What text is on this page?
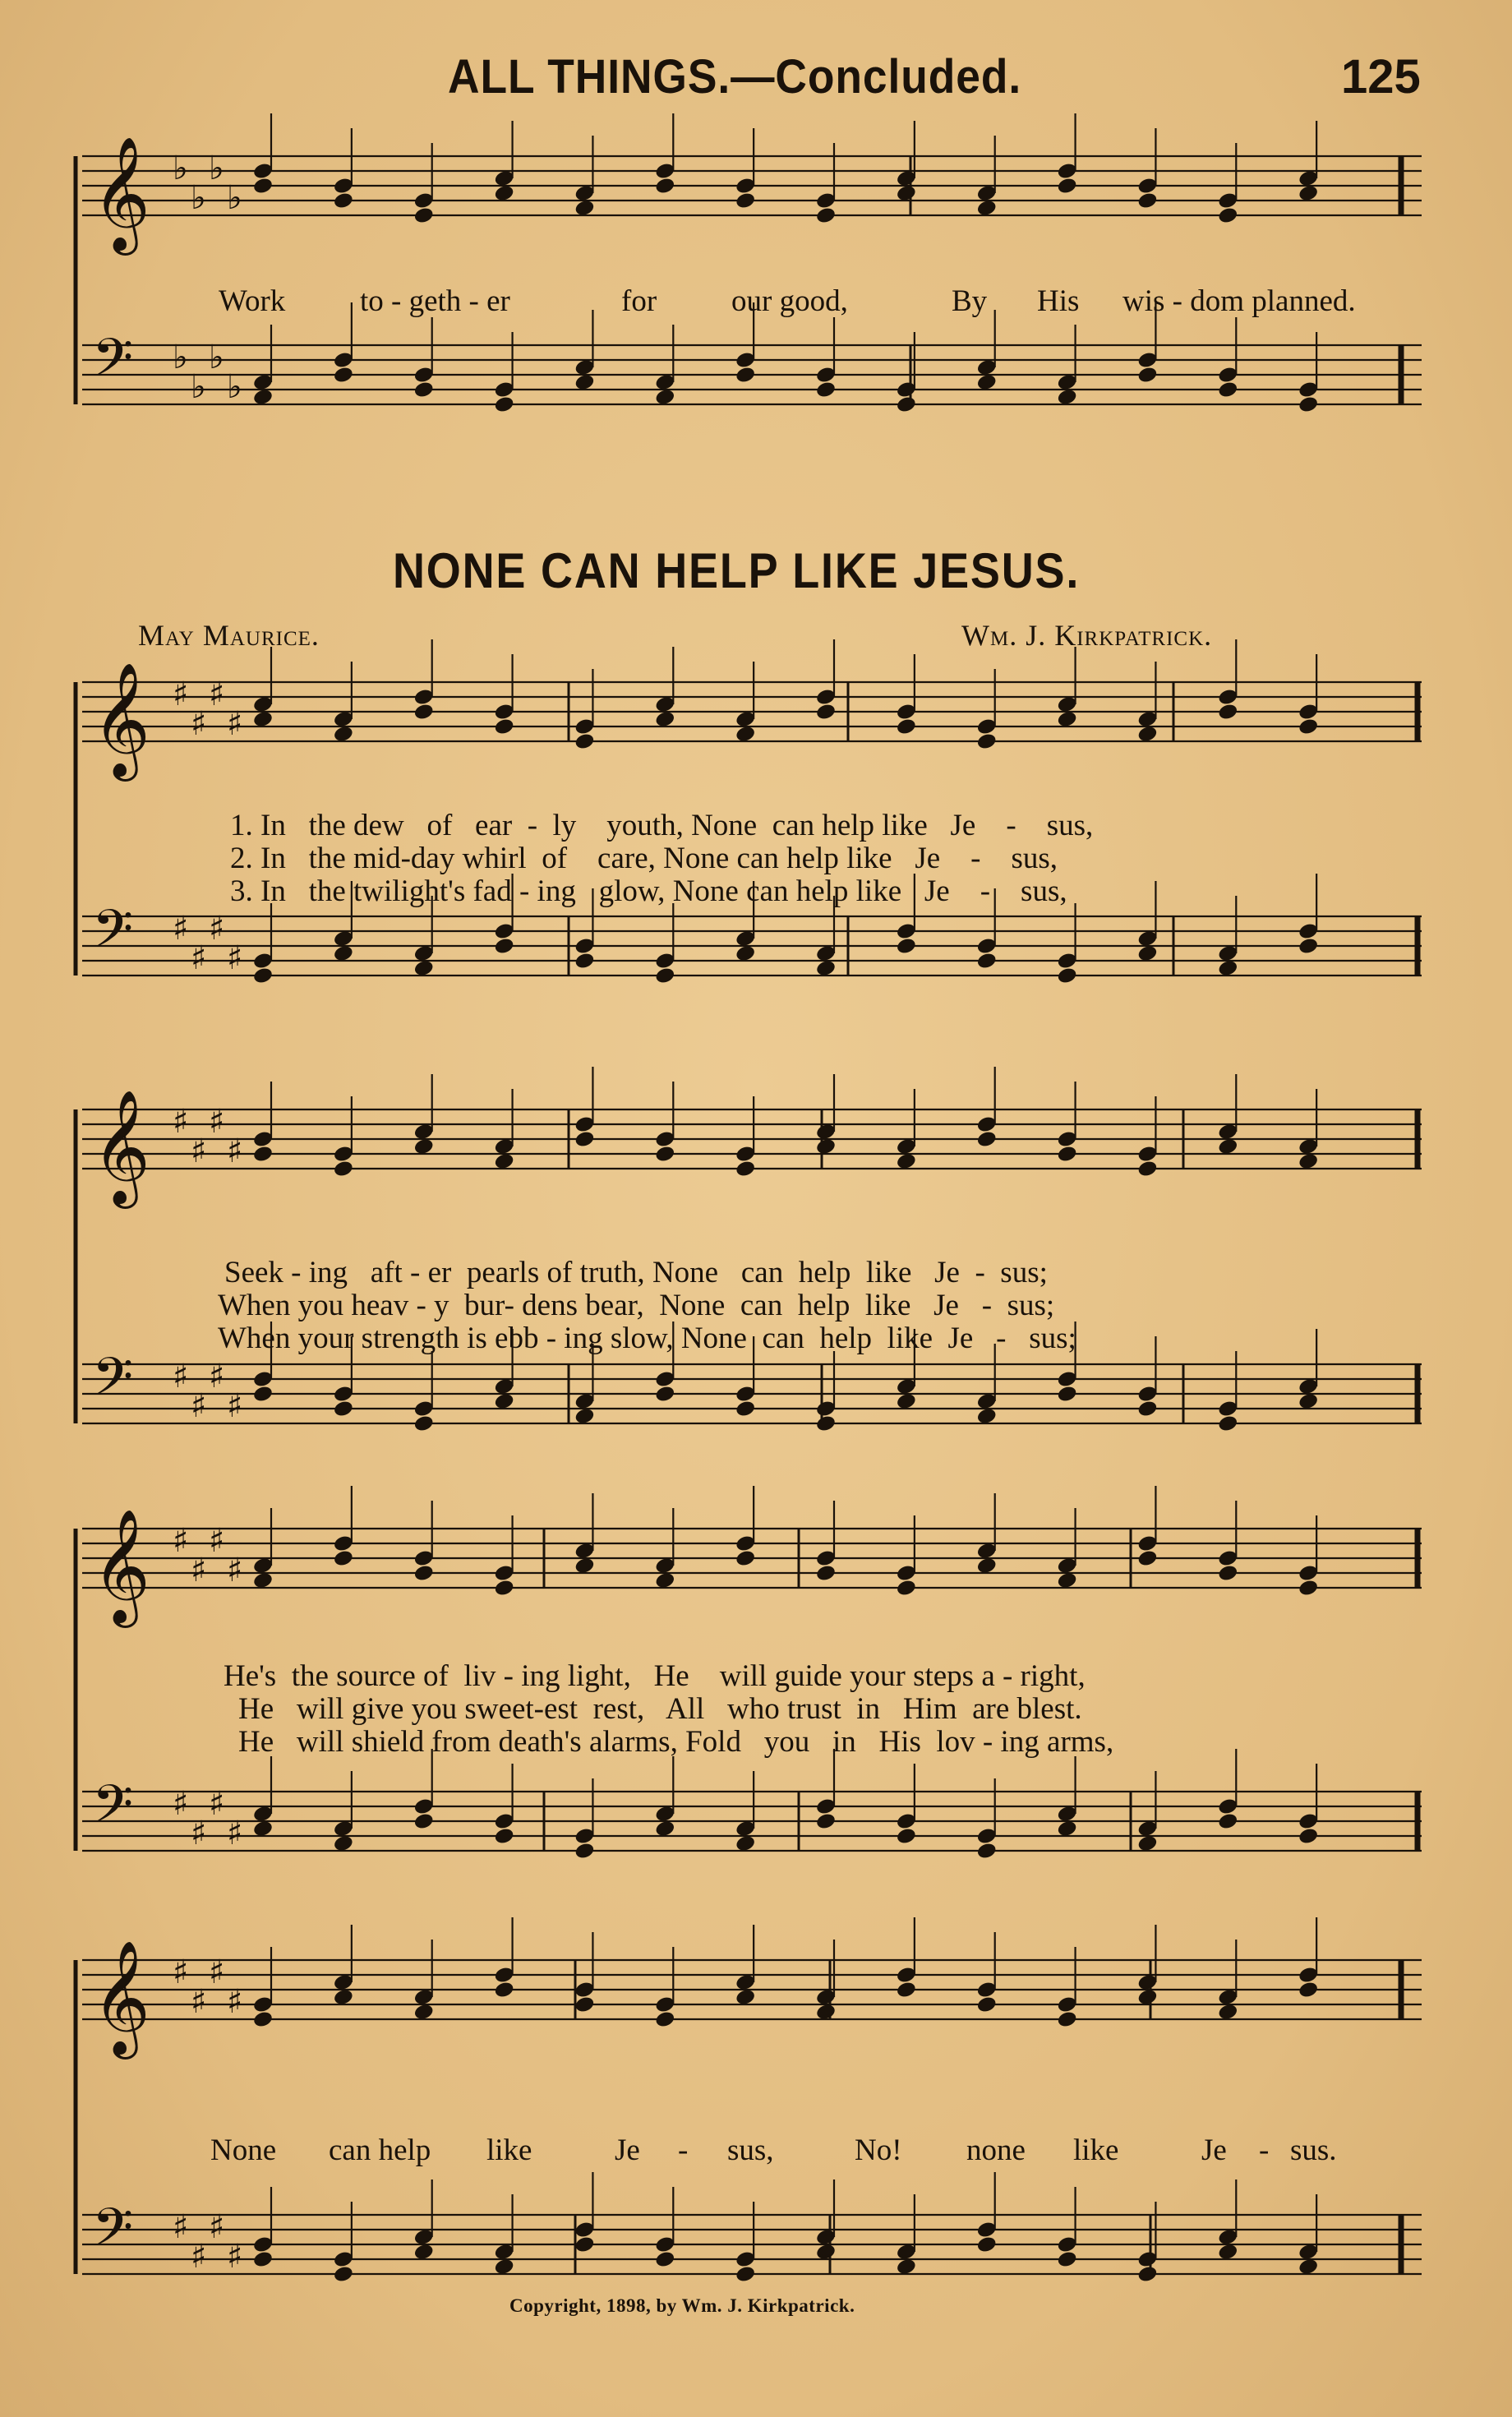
ALL THINGS.—Concluded.	125
𝄞 ♭
♭
♭
♭
𝄢 ♭
♭
♭
♭
𝄞 ♯
♯
♯
♯
𝄢 ♯
♯
♯
♯
𝄞 ♯
♯
♯
♯
𝄢 ♯
♯
♯
♯
𝄞 ♯
♯
♯
♯
𝄢 ♯
♯
♯
♯
𝄞 ♯
♯
♯
♯
𝄢 ♯
♯
♯
♯
Work to - geth - er	for our good,	By His wis - dom planned.
NONE CAN HELP LIKE JESUS.
May Maurice.	Wm. J. Kirkpatrick.
1. In the dew of ear - ly youth, None can help like Je - sus,
2. In the mid-day whirl of care, None can help like Je - sus,
3. In the twilight's fad - ing glow, None can help like Je - sus,
Seek - ing aft - er pearls of truth, None can help like Je - sus;
When you heav - y bur- dens bear, None can help like Je - sus;
When your strength is ebb - ing slow, None can help like Je - sus;
He's the source of liv - ing light, He will guide your steps a - right,
He will give you sweet-est rest, All who trust in Him are blest.
He will shield from death's alarms, Fold you in His lov - ing arms,
None can help like	Je - sus,	No! none like	Je - sus.
Copyright, 1898, by Wm. J. Kirkpatrick.
